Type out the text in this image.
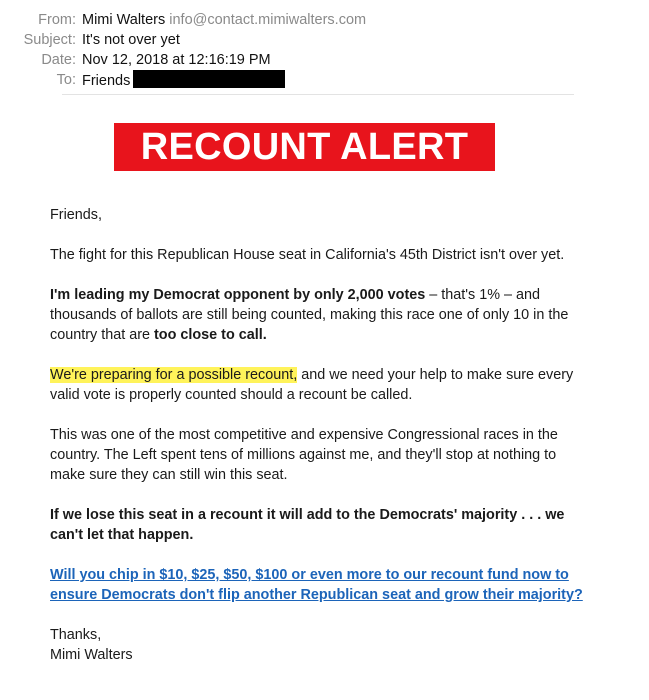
From: Mimi Walters info@contact.mimiwalters.com
Subject: It's not over yet
Date: Nov 12, 2018 at 12:16:19 PM
To: Friends
RECOUNT ALERT

Friends,

The fight for this Republican House seat in California's 45th District isn't over yet.

I'm leading my Democrat opponent by only 2,000 votes – that's 1% – and thousands of ballots are still being counted, making this race one of only 10 in the country that are too close to call.

We're preparing for a possible recount, and we need your help to make sure every valid vote is properly counted should a recount be called.

This was one of the most competitive and expensive Congressional races in the country. The Left spent tens of millions against me, and they'll stop at nothing to make sure they can still win this seat.

If we lose this seat in a recount it will add to the Democrats' majority . . . we can't let that happen.

Will you chip in $10, $25, $50, $100 or even more to our recount fund now to ensure Democrats don't flip another Republican seat and grow their majority?

Thanks,
Mimi Walters
